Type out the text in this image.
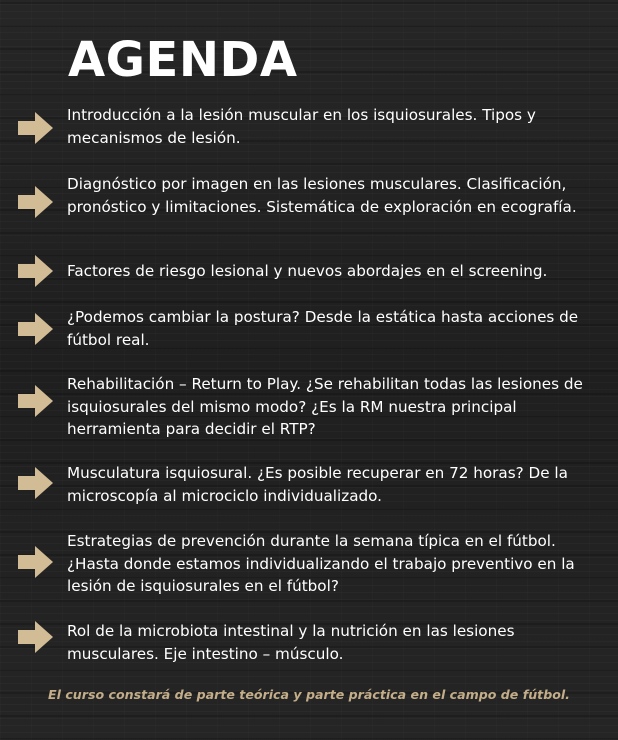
AGENDA

Introducción a la lesión muscular en los isquiosurales. Tipos y mecanismos de lesión.

Diagnóstico por imagen en las lesiones musculares. Clasificación, pronóstico y limitaciones. Sistemática de exploración en ecografía.

Factores de riesgo lesional y nuevos abordajes en el screening.

¿Podemos cambiar la postura? Desde la estática hasta acciones de fútbol real.

Rehabilitación – Return to Play. ¿Se rehabilitan todas las lesiones de isquiosurales del mismo modo? ¿Es la RM nuestra principal herramienta para decidir el RTP?

Musculatura isquiosural. ¿Es posible recuperar en 72 horas? De la microscopía al microciclo individualizado.

Estrategias de prevención durante la semana típica en el fútbol. ¿Hasta donde estamos individualizando el trabajo preventivo en la lesión de isquiosurales en el fútbol?

Rol de la microbiota intestinal y la nutrición en las lesiones musculares. Eje intestino – músculo.

El curso constará de parte teórica y parte práctica en el campo de fútbol.
